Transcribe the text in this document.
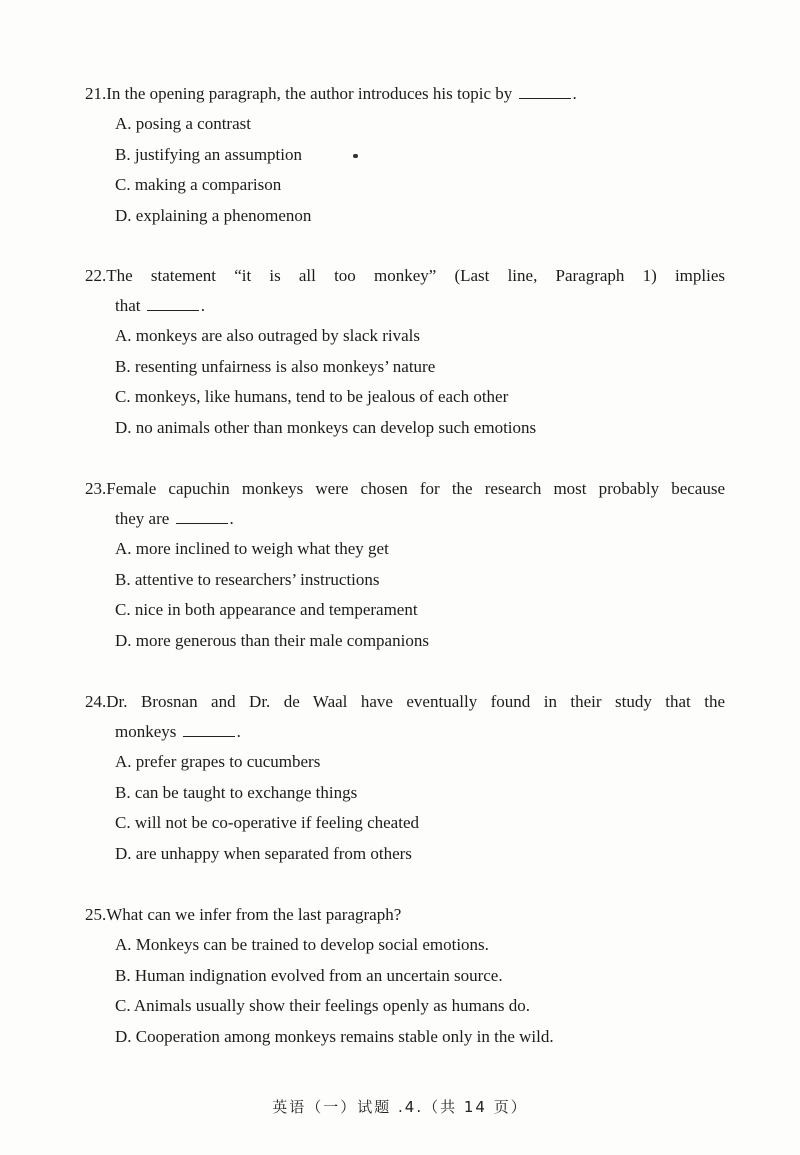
21.In the opening paragraph, the author introduces his topic by	.
A. posing a contrast
B. justifying an assumption
C. making a comparison
D. explaining a phenomenon
22.The statement “it is all too monkey” (Last line, Paragraph 1) implies
that	.
A. monkeys are also outraged by slack rivals
B. resenting unfairness is also monkeys’ nature
C. monkeys, like humans, tend to be jealous of each other
D. no animals other than monkeys can develop such emotions
23.Female capuchin monkeys were chosen for the research most probably because
they are	.
A. more inclined to weigh what they get
B. attentive to researchers’ instructions
C. nice in both appearance and temperament
D. more generous than their male companions
24.Dr. Brosnan and Dr. de Waal have eventually found in their study that the
monkeys	.
A. prefer grapes to cucumbers
B. can be taught to exchange things
C. will not be co-operative if feeling cheated
D. are unhappy when separated from others
25.What can we infer from the last paragraph?
A. Monkeys can be trained to develop social emotions.
B. Human indignation evolved from an uncertain source.
C. Animals usually show their feelings openly as humans do.
D. Cooperation among monkeys remains stable only in the wild.
英语（一）试题 .4.（共 14 页）
